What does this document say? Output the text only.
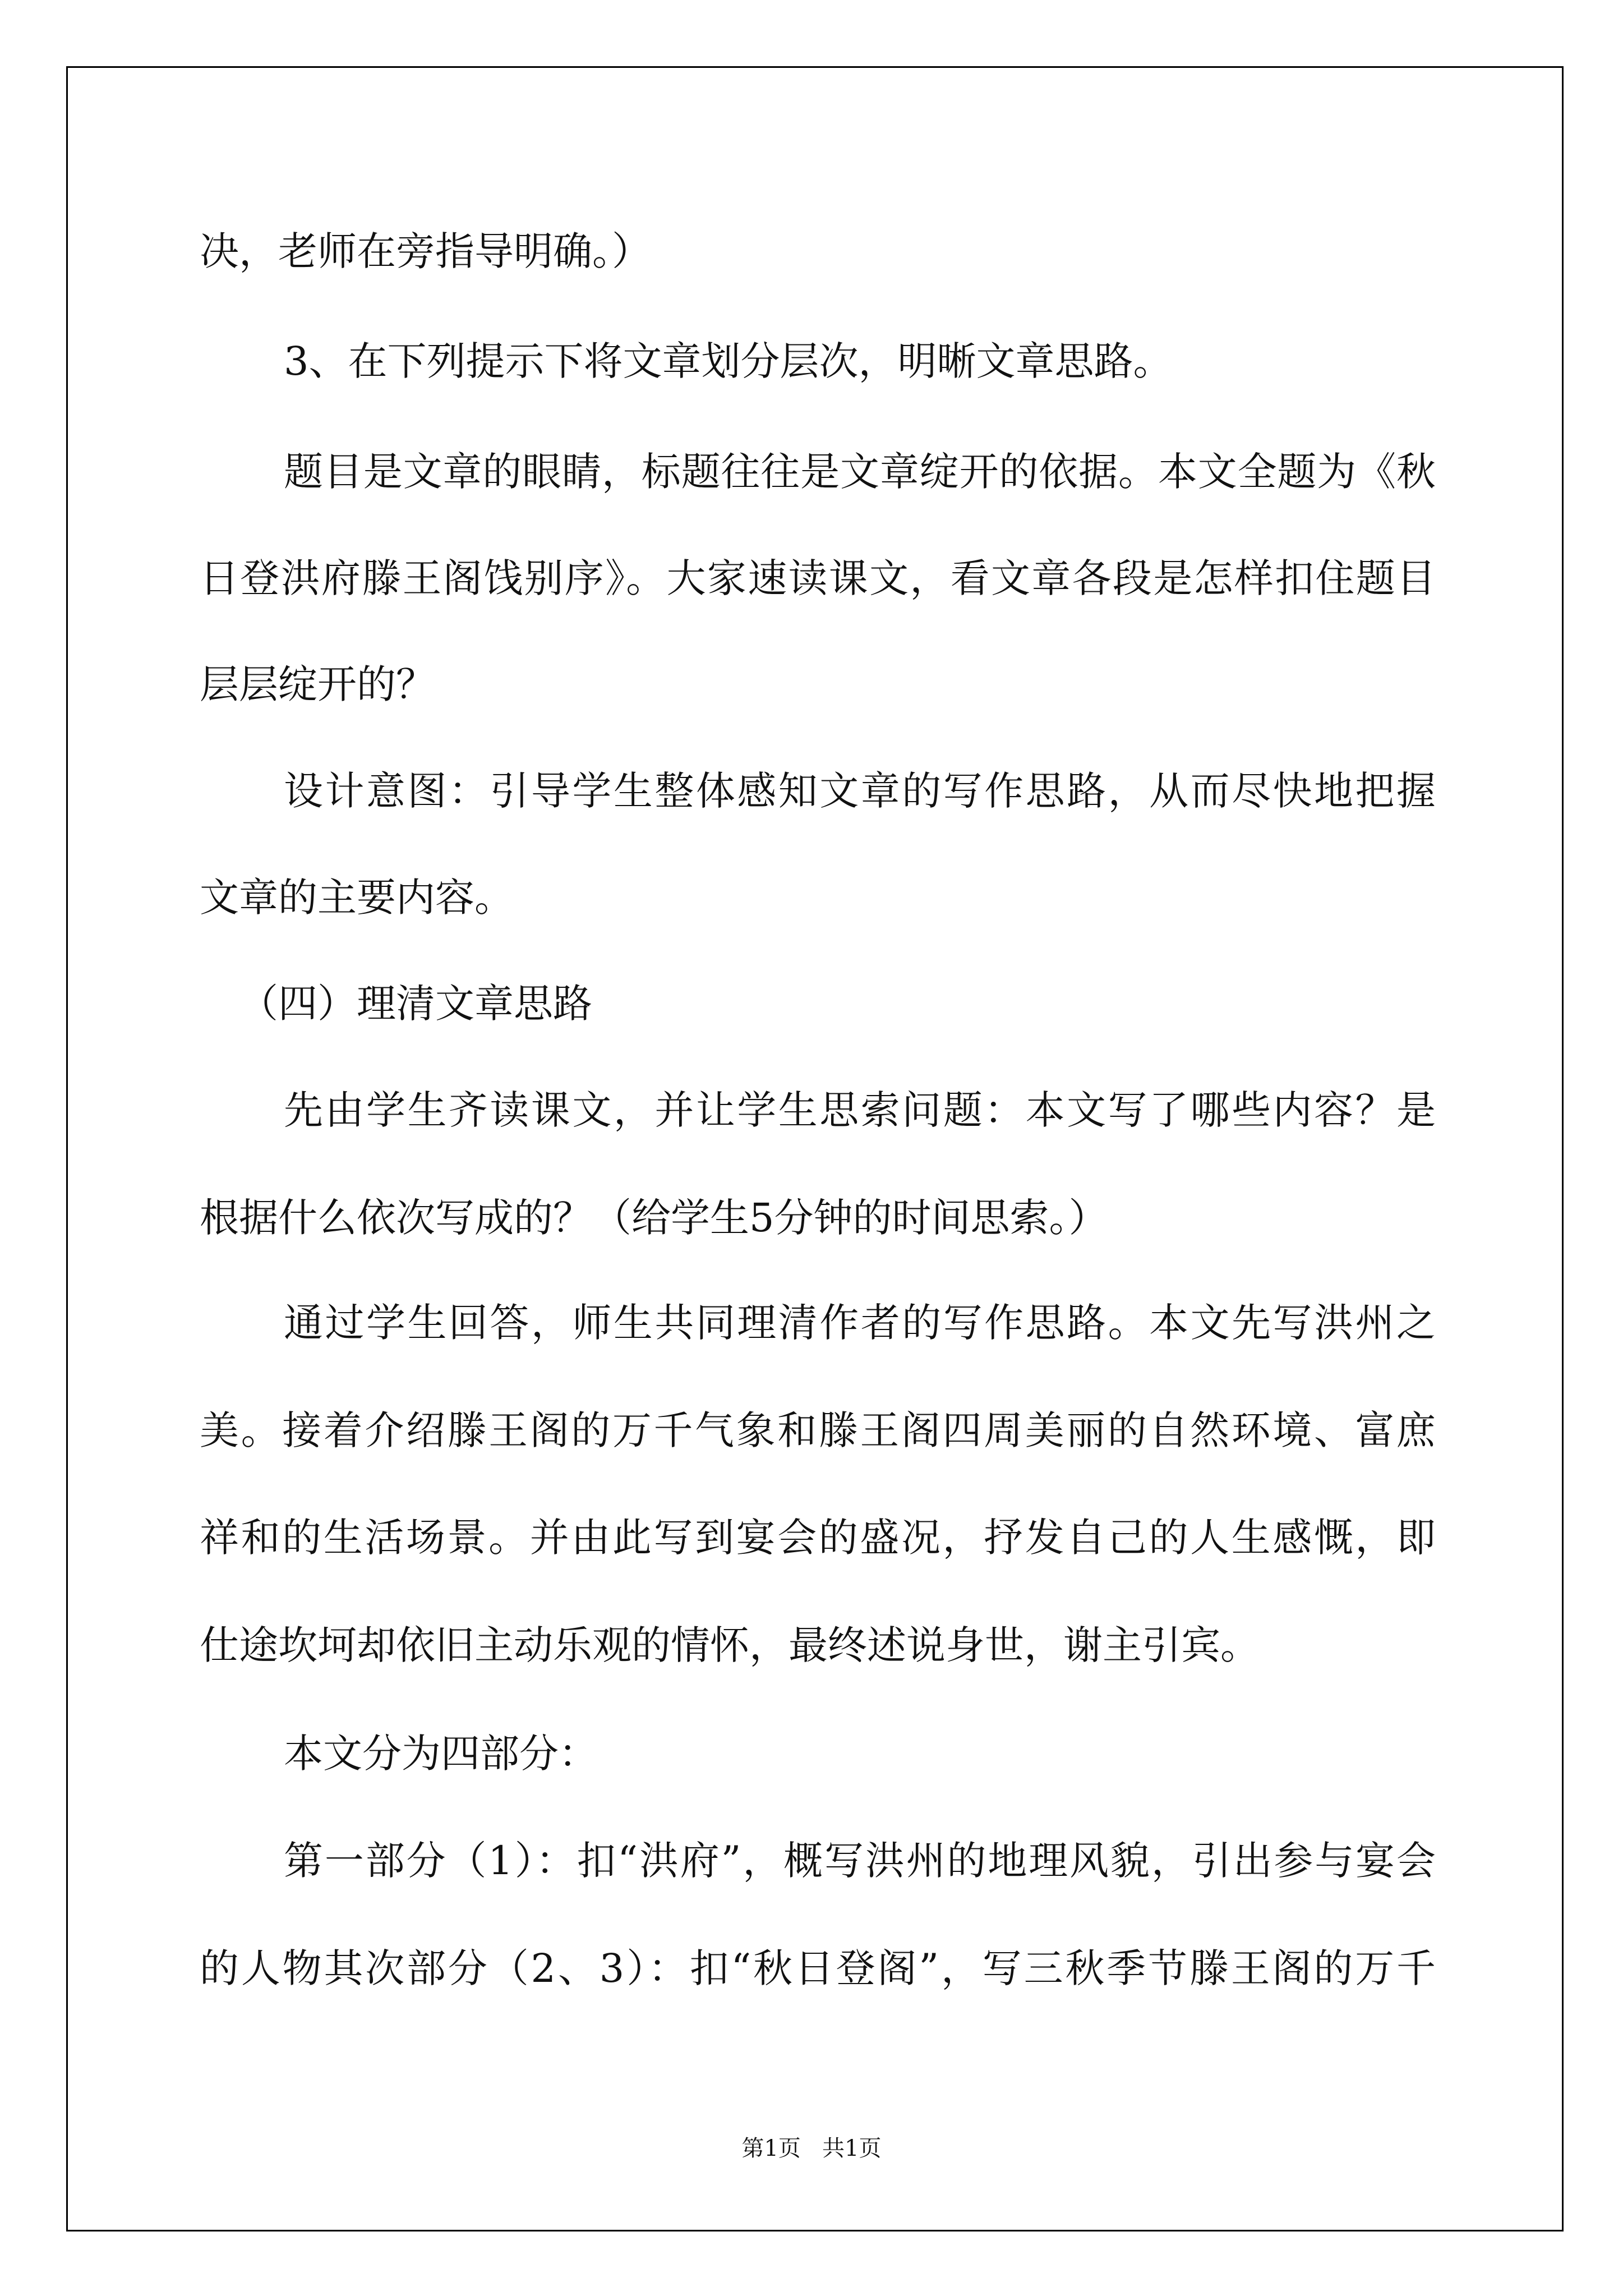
决，老师在旁指导明确。）
3、在下列提示下将文章划分层次，明晰文章思路。
题目是文章的眼睛，标题往往是文章绽开的依据。本文全题为《秋
日登洪府滕王阁饯别序》。大家速读课文，看文章各段是怎样扣住题目
层层绽开的？
设计意图：引导学生整体感知文章的写作思路，从而尽快地把握
文章的主要内容。
（四）理清文章思路
先由学生齐读课文，并让学生思索问题：本文写了哪些内容？是
根据什么依次写成的？（给学生5分钟的时间思索。）
通过学生回答，师生共同理清作者的写作思路。本文先写洪州之
美。接着介绍滕王阁的万千气象和滕王阁四周美丽的自然环境、富庶
祥和的生活场景。并由此写到宴会的盛况，抒发自己的人生感慨，即
仕途坎坷却依旧主动乐观的情怀，最终述说身世，谢主引宾。
本文分为四部分：
第一部分（1）：扣“洪府”，概写洪州的地理风貌，引出参与宴会
的人物其次部分（2、3）：扣“秋日登阁”，写三秋季节滕王阁的万千
第1页   共1页
